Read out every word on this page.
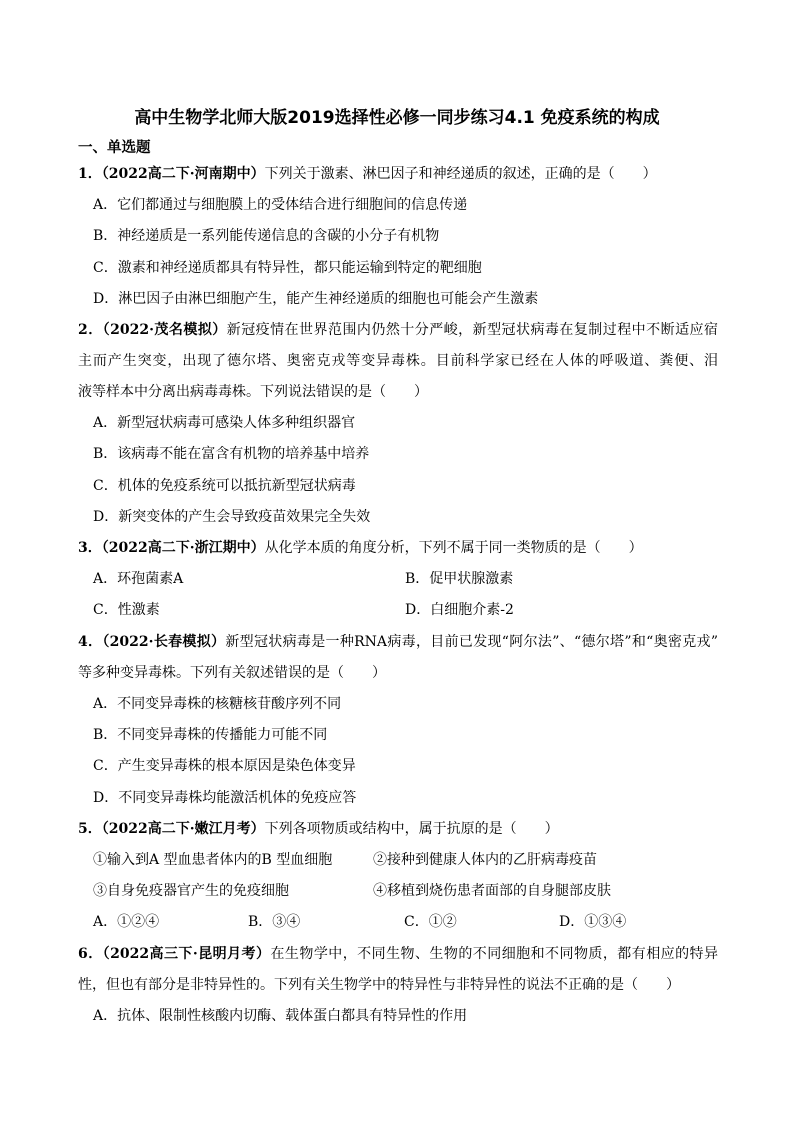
高中生物学北师大版2019选择性必修一同步练习4.1 免疫系统的构成
一、单选题
1．（2022高二下·河南期中）下列关于激素、淋巴因子和神经递质的叙述，正确的是（　　）
A．它们都通过与细胞膜上的受体结合进行细胞间的信息传递
B．神经递质是一系列能传递信息的含碳的小分子有机物
C．激素和神经递质都具有特异性，都只能运输到特定的靶细胞
D．淋巴因子由淋巴细胞产生，能产生神经递质的细胞也可能会产生激素
2．（2022·茂名模拟）新冠疫情在世界范围内仍然十分严峻，新型冠状病毒在复制过程中不断适应宿
主而产生突变，出现了德尔塔、奥密克戎等变异毒株。目前科学家已经在人体的呼吸道、粪便、泪
液等样本中分离出病毒毒株。下列说法错误的是（　　）
A．新型冠状病毒可感染人体多种组织器官
B．该病毒不能在富含有机物的培养基中培养
C．机体的免疫系统可以抵抗新型冠状病毒
D．新突变体的产生会导致疫苗效果完全失效
3．（2022高二下·浙江期中）从化学本质的角度分析，下列不属于同一类物质的是（　　）
A．环孢菌素A	B．促甲状腺激素
C．性激素	D．白细胞介素-2
4．（2022·长春模拟）新型冠状病毒是一种RNA病毒，目前已发现“阿尔法”、“德尔塔”和“奥密克戎”
等多种变异毒株。下列有关叙述错误的是（　　）
A．不同变异毒株的核糖核苷酸序列不同
B．不同变异毒株的传播能力可能不同
C．产生变异毒株的根本原因是染色体变异
D．不同变异毒株均能激活机体的免疫应答
5．（2022高二下·嫩江月考）下列各项物质或结构中，属于抗原的是（　　）
①输入到A 型血患者体内的B 型血细胞	②接种到健康人体内的乙肝病毒疫苗
③自身免疫器官产生的免疫细胞	④移植到烧伤患者面部的自身腿部皮肤
A．①②④	B．③④	C．①②	D．①③④
6．（2022高三下·昆明月考）在生物学中，不同生物、生物的不同细胞和不同物质，都有相应的特异
性，但也有部分是非特异性的。下列有关生物学中的特异性与非特异性的说法不正确的是（　　）
A．抗体、限制性核酸内切酶、载体蛋白都具有特异性的作用
